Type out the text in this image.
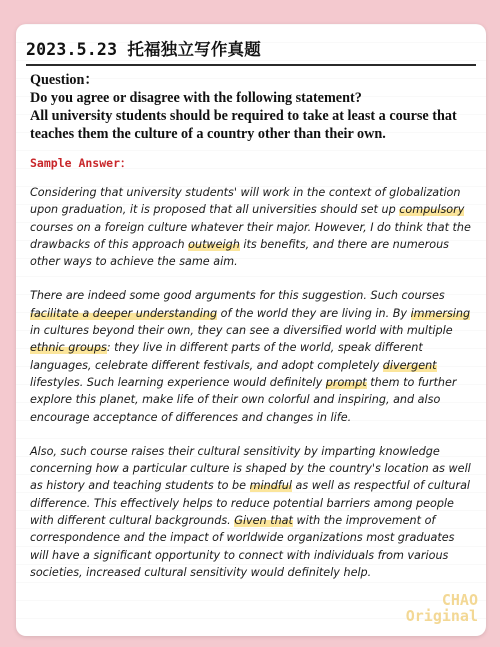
2023.5.23 托福独立写作真题
Question：
Do you agree or disagree with the following statement?
All university students should be required to take at least a course that teaches them the culture of a country other than their own.
Sample Answer：

Considering that university students' will work in the context of globalization upon graduation, it is proposed that all universities should set up compulsory courses on a foreign culture whatever their major. However, I do think that the drawbacks of this approach outweigh its benefits, and there are numerous other ways to achieve the same aim.

There are indeed some good arguments for this suggestion. Such courses facilitate a deeper understanding of the world they are living in. By immersing in cultures beyond their own, they can see a diversified world with multiple ethnic groups: they live in different parts of the world, speak different languages, celebrate different festivals, and adopt completely divergent lifestyles. Such learning experience would definitely prompt them to further explore this planet, make life of their own colorful and inspiring, and also encourage acceptance of differences and changes in life.

Also, such course raises their cultural sensitivity by imparting knowledge concerning how a particular culture is shaped by the country's location as well as history and teaching students to be mindful as well as respectful of cultural difference. This effectively helps to reduce potential barriers among people with different cultural backgrounds. Given that with the improvement of correspondence and the impact of worldwide organizations most graduates will have a significant opportunity to connect with individuals from various societies, increased cultural sensitivity would definitely help.

CHAO
Original
